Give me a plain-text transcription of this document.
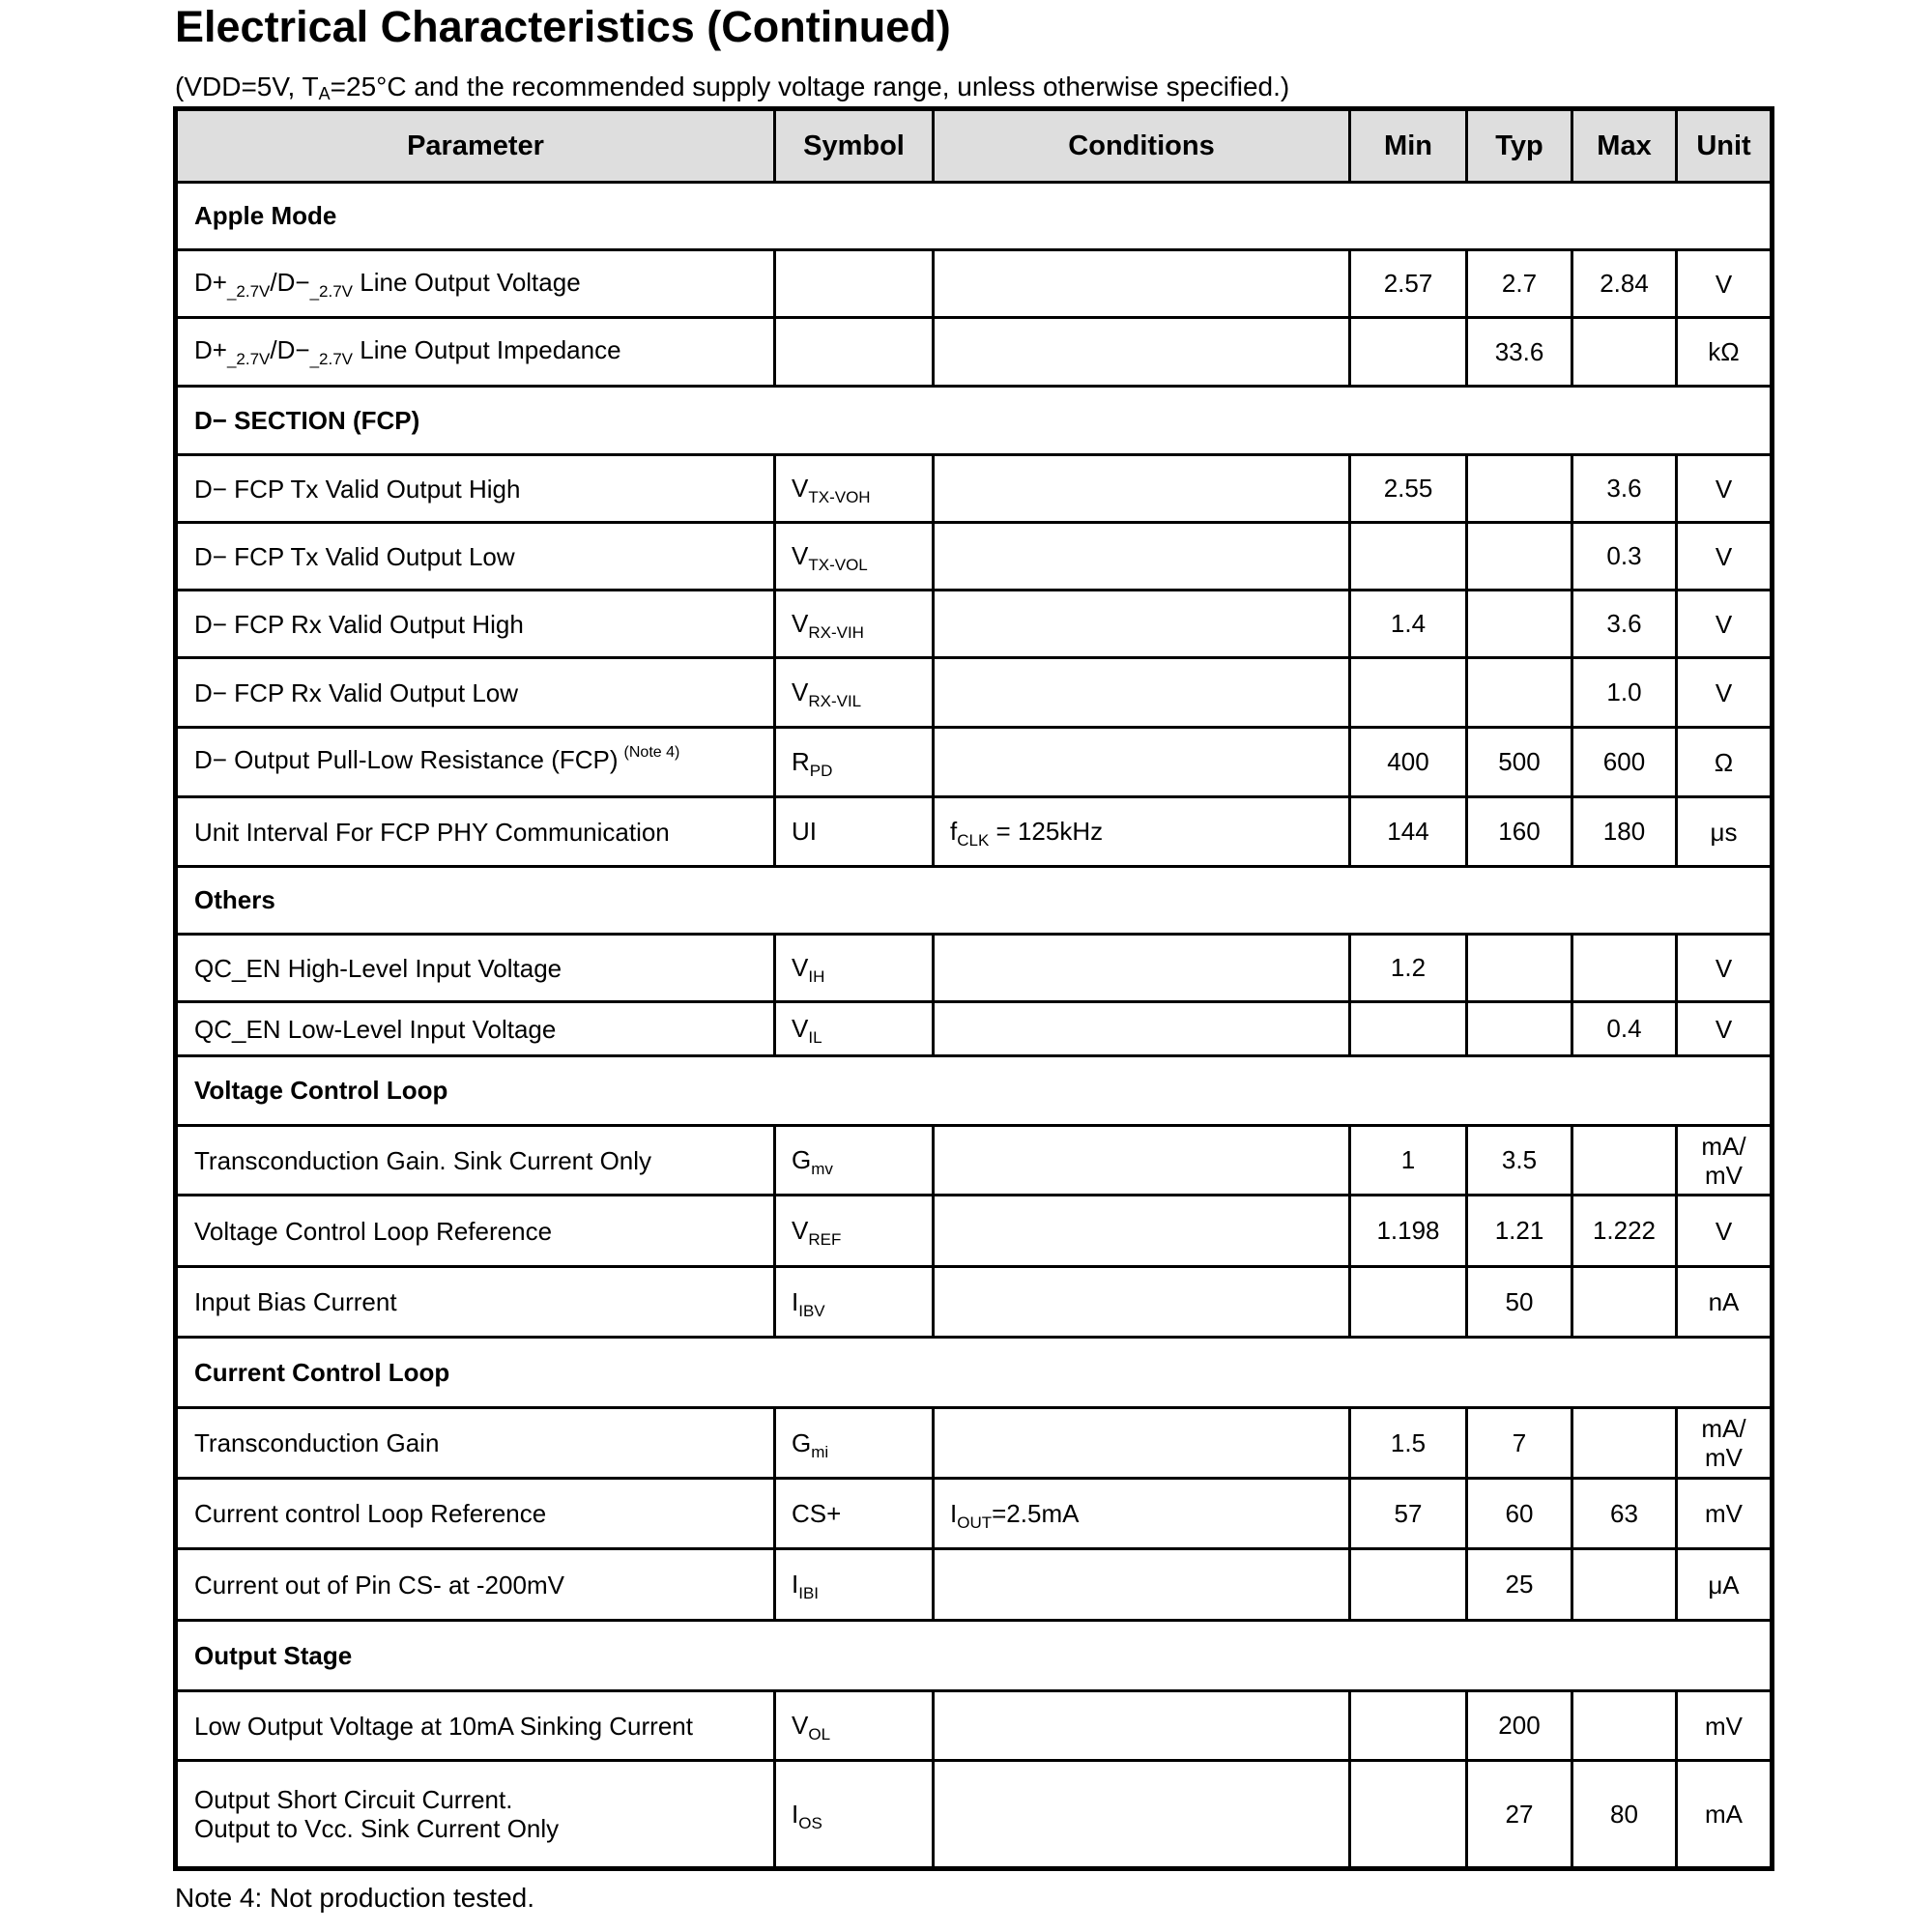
Electrical Characteristics (Continued)
(VDD=5V, $T_A=25^\circ C$ and the recommended supply voltage range, unless otherwise specified.)
Parameter	Symbol	Conditions	Min	Typ	Max	Unit
Apple Mode						
$D+_{\_2.7V}/D-_{\_2.7V}$ Line Output Voltage			2.57	2.7	2.84	V
$D+_{\_2.7V}/D-_{\_2.7V}$ Line Output Impedance				33.6		kΩ
D− SECTION (FCP)						
D− FCP Tx Valid Output High	$V_{TX-VOH}$		2.55		3.6	V
D− FCP Tx Valid Output Low	$V_{TX-VOL}$				0.3	V
D− FCP Rx Valid Output High	$V_{RX-VIH}$		1.4		3.6	V
D− FCP Rx Valid Output Low	$V_{RX-VIL}$				1.0	V
D− Output Pull-Low Resistance (FCP) $^{(Note 4)}$	$R_{PD}$		400	500	600	Ω
Unit Interval For FCP PHY Communication	UI	$f_{CLK} = 125kHz$	144	160	180	μs
Others						
QC_EN High-Level Input Voltage	$V_{IH}$		1.2			V
QC_EN Low-Level Input Voltage	$V_{IL}$				0.4	V
Voltage Control Loop						
Transconduction Gain. Sink Current Only	$G_{mv}$		1	3.5		mA/
mV

Voltage Control Loop Reference	$V_{REF}$		1.198	1.21	1.222	V
Input Bias Current	$I_{IBV}$			50		nA
Current Control Loop						
Transconduction Gain	$G_{mi}$		1.5	7		mA/
mV

Current control Loop Reference	CS+	$I_{OUT}=2.5mA$	57	60	63	mV
Current out of Pin CS- at -200mV	$I_{IBI}$			25		μA
Output Stage						
Low Output Voltage at 10mA Sinking Current	$V_{OL}$			200		mV

Output Short Circuit Current.
Output to Vcc. Sink Current Only	$I_{OS}$			27	80	mA
Note 4: Not production tested.
